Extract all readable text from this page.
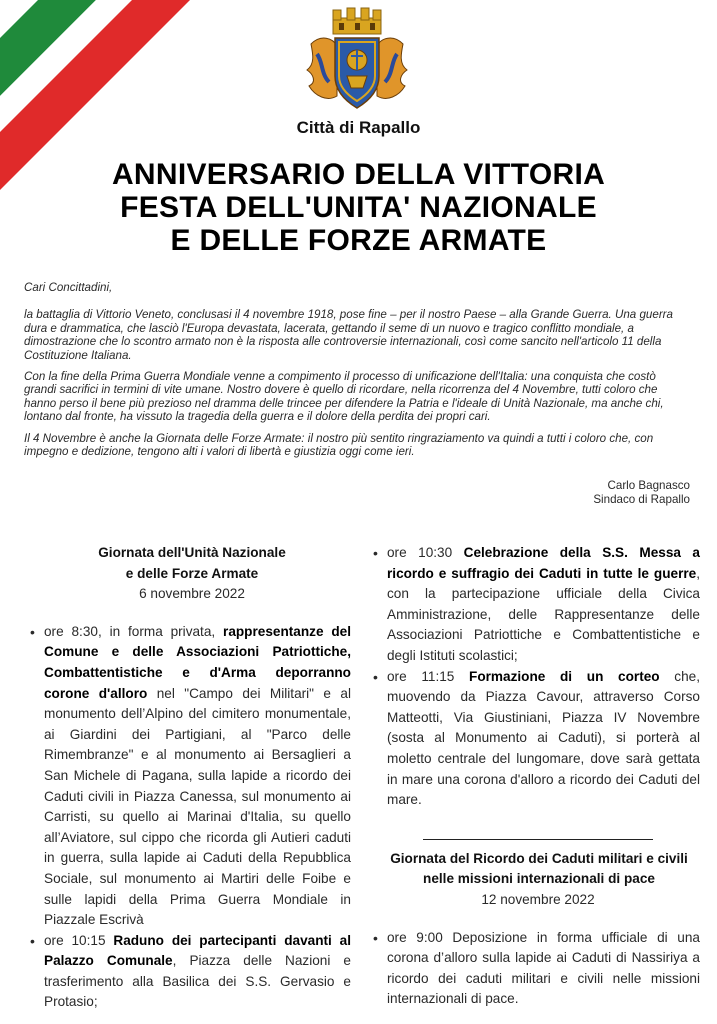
Città di Rapallo
ANNIVERSARIO DELLA VITTORIA
FESTA DELL'UNITA' NAZIONALE
E DELLE FORZE ARMATE

Cari Concittadini,

la battaglia di Vittorio Veneto, conclusasi il 4 novembre 1918, pose fine – per il nostro Paese – alla Grande Guerra. Una guerra dura e drammatica, che lasciò l'Europa devastata, lacerata, gettando il seme di un nuovo e tragico conflitto mondiale, a dimostrazione che lo scontro armato non è la risposta alle controversie internazionali, così come sancito nell'articolo 11 della Costituzione Italiana.

Con la fine della Prima Guerra Mondiale venne a compimento il processo di unificazione dell'Italia: una conquista che costò grandi sacrifici in termini di vite umane. Nostro dovere è quello di ricordare, nella ricorrenza del 4 Novembre, tutti coloro che hanno perso il bene più prezioso nel dramma delle trincee per difendere la Patria e l'ideale di Unità Nazionale, ma anche chi, lontano dal fronte, ha vissuto la tragedia della guerra e il dolore della perdita dei propri cari.

Il 4 Novembre è anche la Giornata delle Forze Armate: il nostro più sentito ringraziamento va quindi a tutti i coloro che, con impegno e dedizione, tengono alti i valori di libertà e giustizia oggi come ieri.

Carlo Bagnasco
Sindaco di Rapallo
Giornata dell'Unità Nazionale
e delle Forze Armate
6 novembre 2022
• ore 8:30, in forma privata, rappresentanze del Comune e delle Associazioni Patriottiche, Combattentistiche e d'Arma deporranno corone d'alloro nel "Campo dei Militari" e al monumento dell’Alpino del cimitero monumentale, ai Giardini dei Partigiani, al "Parco delle Rimembranze" e al monumento ai Bersaglieri a San Michele di Pagana, sulla lapide a ricordo dei Caduti civili in Piazza Canessa, sul monumento ai Carristi, su quello ai Marinai d'Italia, su quello all’Aviatore, sul cippo che ricorda gli Autieri caduti in guerra, sulla lapide ai Caduti della Repubblica Sociale, sul monumento ai Martiri delle Foibe e sulle lapidi della Prima Guerra Mondiale in Piazzale Escrivà
• ore 10:15 Raduno dei partecipanti davanti al Palazzo Comunale, Piazza delle Nazioni e trasferimento alla Basilica dei S.S. Gervasio e Protasio;
• ore 10:30 Celebrazione della S.S. Messa a ricordo e suffragio dei Caduti in tutte le guerre, con la partecipazione ufficiale della Civica Amministrazione, delle Rappresentanze delle Associazioni Patriottiche e Combattentistiche e degli Istituti scolastici;
• ore 11:15 Formazione di un corteo che, muovendo da Piazza Cavour, attraverso Corso Matteotti, Via Giustiniani, Piazza IV Novembre (sosta al Monumento ai Caduti), si porterà al moletto centrale del lungomare, dove sarà gettata in mare una corona d'alloro a ricordo dei Caduti del mare.
Giornata del Ricordo dei Caduti militari e civili
nelle missioni internazionali di pace
12 novembre 2022
• ore 9:00 Deposizione in forma ufficiale di una corona d’alloro sulla lapide ai Caduti di Nassiriya a ricordo dei caduti militari e civili nelle missioni internazionali di pace.
